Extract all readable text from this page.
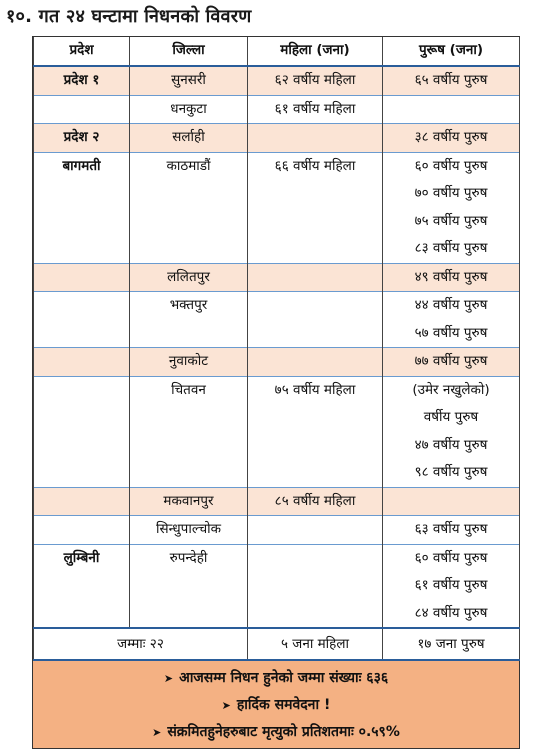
१०. गत २४ घन्टामा निधनको विवरण
प्रदेश	जिल्ला	महिला (जना)	पुरूष (जना)

प्रदेश १	सुनसरी	६२ वर्षीय महिला	६५ वर्षीय पुरुष

	धनकुटा	६१ वर्षीय महिला	

प्रदेश २	सर्लाही		३८ वर्षीय पुरुष

बागमती	काठमाडौं	६६ वर्षीय महिला	६० वर्षीय पुरुष
७० वर्षीय पुरुष
७५ वर्षीय पुरुष
८३ वर्षीय पुरुष

	ललितपुर		४९ वर्षीय पुरुष

	भक्तपुर		४४ वर्षीय पुरुष
५७ वर्षीय पुरुष

	नुवाकोट		७७ वर्षीय पुरुष

	चितवन	७५ वर्षीय महिला	(उमेर नखुलेको)
वर्षीय पुरुष
४७ वर्षीय पुरुष
९८ वर्षीय पुरुष

	मकवानपुर	८५ वर्षीय महिला	

	सिन्धुपाल्चोक		६३ वर्षीय पुरुष

लुम्बिनी	रुपन्देही		६० वर्षीय पुरुष
६१ वर्षीय पुरुष
८४ वर्षीय पुरुष

जम्माः २२		५ जना महिला	१७ जना पुरुष
➤ आजसम्म निधन हुनेको जम्मा संख्याः ६३६
➤ हार्दिक समवेदना !
➤ संक्रमितहुनेहरुबाट मृत्युको प्रतिशतमाः ०.५९%
